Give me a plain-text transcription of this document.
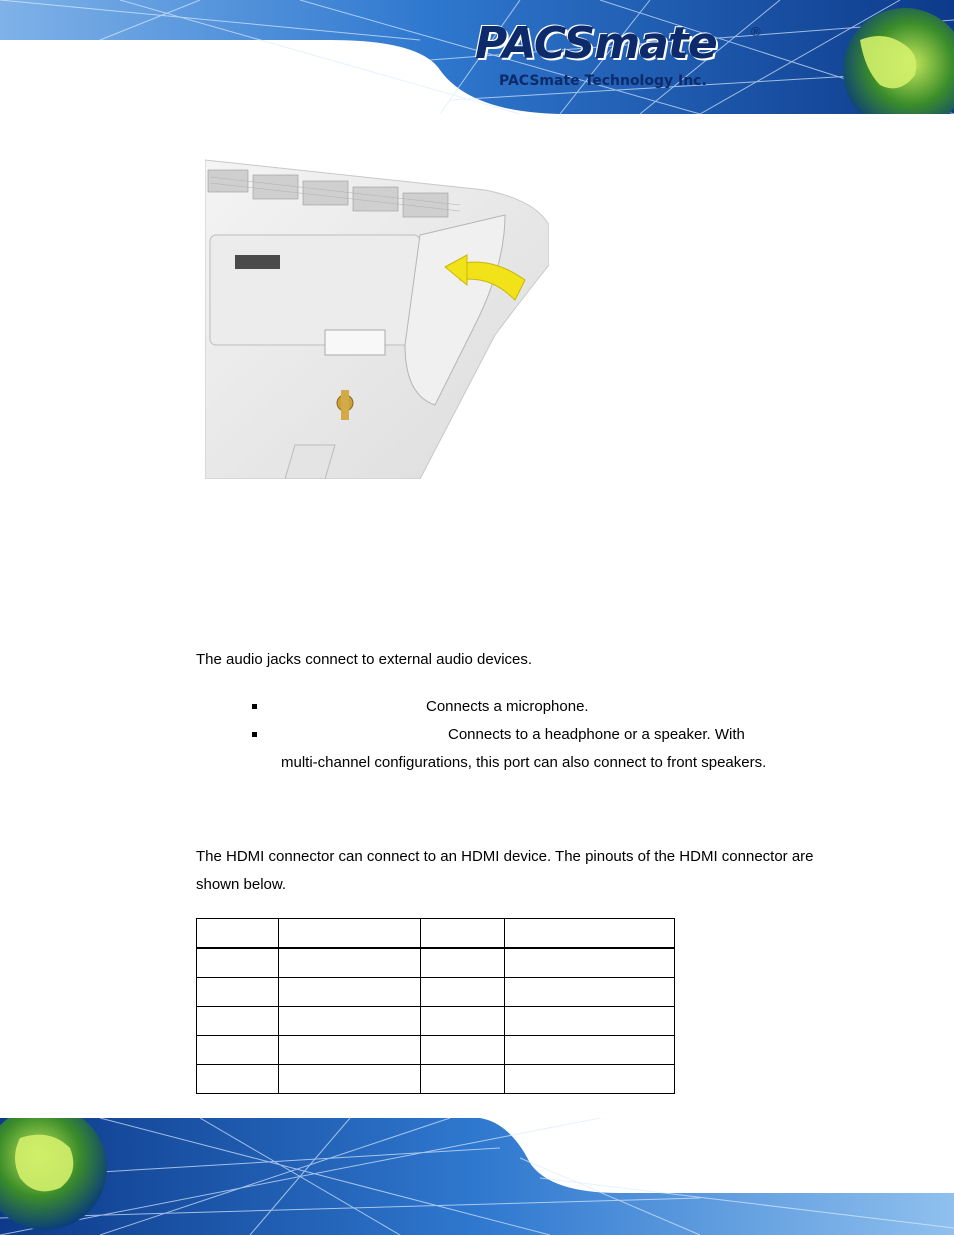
PACSmate	®
PACSmate Technology Inc.

The audio jacks connect to external audio devices.

Connects a microphone.
Connects to a headphone or a speaker. With
multi-channel configurations, this port can also connect to front speakers.

The HDMI connector can connect to an HDMI device. The pinouts of the HDMI connector are shown below.
